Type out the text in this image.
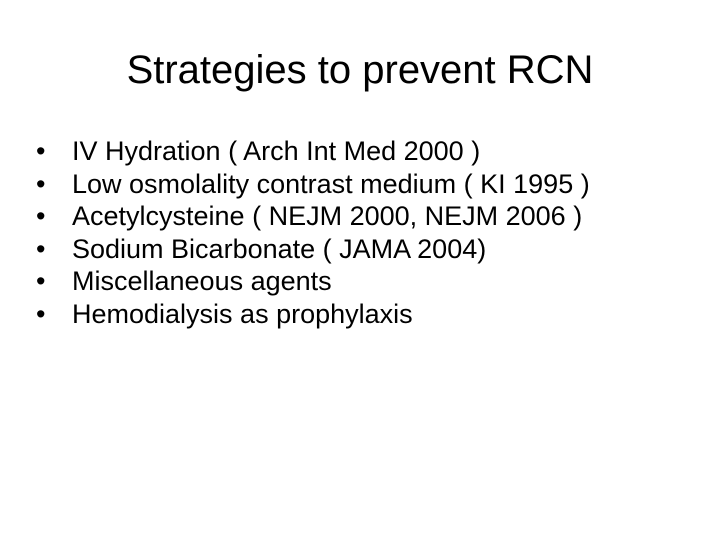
Strategies to prevent RCN
• IV Hydration ( Arch Int Med 2000 )
• Low osmolality contrast medium ( KI 1995 )
• Acetylcysteine ( NEJM 2000, NEJM 2006 )
• Sodium Bicarbonate ( JAMA 2004)
• Miscellaneous agents
• Hemodialysis as prophylaxis
